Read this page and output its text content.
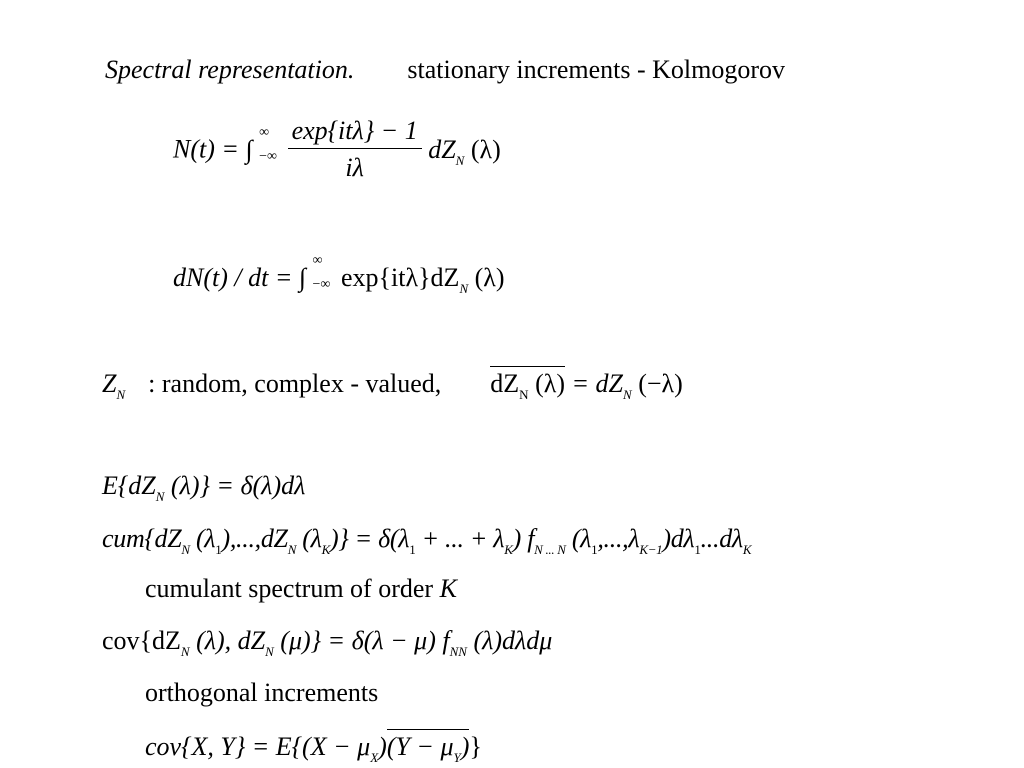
Spectral representation. stationary increments - Kolmogorov
N(t) = ∫
∞
−∞
$\frac{\text{exp\{itλ\} − 1}}{i\lambda} dZ_N$ (λ)
dN(t) / dt = ∫
∞
−∞ $\exp\{it\lambda\}dZ_N$ (λ)
$Z_N$ : random, complex - valued, $dZ_N$ $(\lambda) = dZ_N$ (−λ)
$E\{dZ_N$ (λ)} = δ(λ)dλ
$cum\{dZ_N$ $(\lambda_1),...,dZ_N$ $(\lambda_K)\} = \delta(\lambda_1$ + ... + $\lambda_K$) $f_{N ... N}$ $(\lambda_1,...,\lambda_{K-1})d\lambda_1...d\lambda_K$
cumulant spectrum of order K
$cov\{dZ_N$ (λ), $dZ_N$ (μ)} = δ(λ − μ) $f_{NN}$ (λ)dλdμ
orthogonal increments
cov{X, $Y\} = E\{(X - \mu_X)(Y - \mu_Y)\}$
